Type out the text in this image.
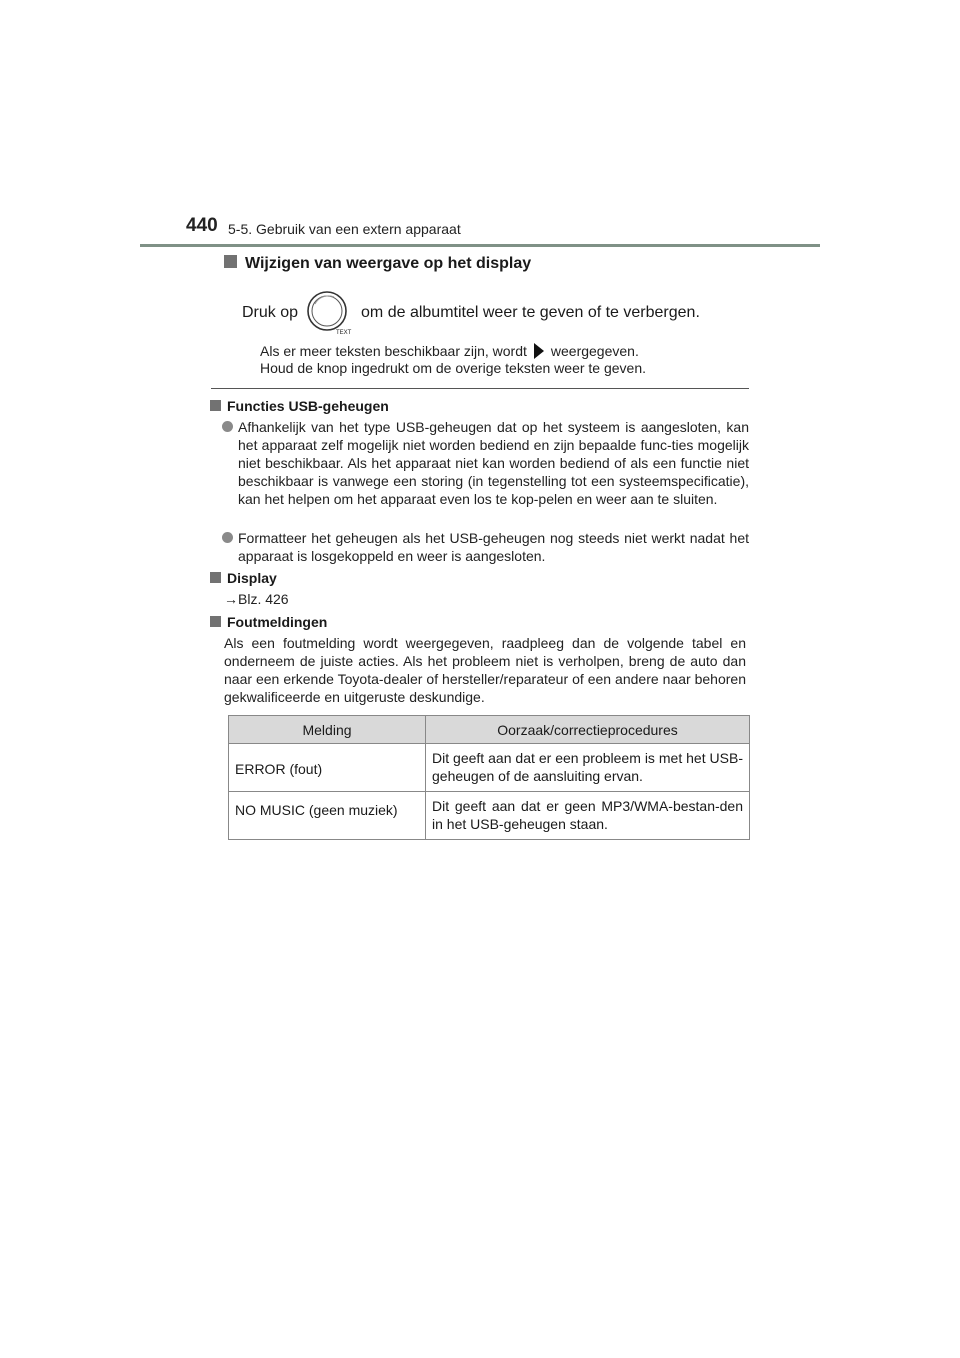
440 5-5. Gebruik van een extern apparaat
Wijzigen van weergave op het display
Druk op
TEXT
om de albumtitel weer te geven of te verbergen.
Als er meer teksten beschikbaar zijn, wordt weergegeven.
Houd de knop ingedrukt om de overige teksten weer te geven.
Functies USB-geheugen

Afhankelijk van het type USB-geheugen dat op het systeem is aangesloten, kan het apparaat zelf mogelijk niet worden bediend en zijn bepaalde func-ties mogelijk niet beschikbaar. Als het apparaat niet kan worden bediend of als een functie niet beschikbaar is vanwege een storing (in tegenstelling tot een systeemspecificatie), kan het helpen om het apparaat even los te kop-pelen en weer aan te sluiten.

Formatteer het geheugen als het USB-geheugen nog steeds niet werkt nadat het apparaat is losgekoppeld en weer is aangesloten.

Display
→Blz. 426
Foutmeldingen
Als een foutmelding wordt weergegeven, raadpleeg dan de volgende tabel en onderneem de juiste acties. Als het probleem niet is verholpen, breng de auto dan naar een erkende Toyota-dealer of hersteller/reparateur of een andere naar behoren gekwalificeerde en uitgeruste deskundige.
Melding	Oorzaak/correctieprocedures
ERROR (fout)	Dit geeft aan dat er een probleem is met het USB-geheugen of de aansluiting ervan.
NO MUSIC (geen muziek)	Dit geeft aan dat er geen MP3/WMA-bestan-den in het USB-geheugen staan.
